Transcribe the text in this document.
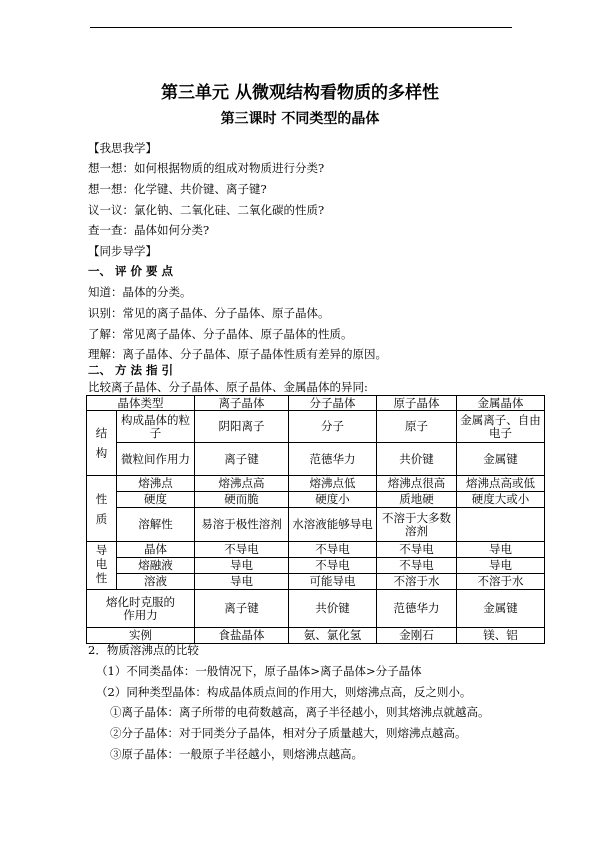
第三单元 从微观结构看物质的多样性
第三课时 不同类型的晶体
【我思我学】
想一想：如何根据物质的组成对物质进行分类?
想一想：化学键、共价键、离子键?
议一议：氯化钠、二氧化硅、二氧化碳的性质?
查一查：晶体如何分类?
【同步导学】
一、 评 价 要 点
知道：晶体的分类。
识别：常见的离子晶体、分子晶体、原子晶体。
了解：常见离子晶体、分子晶体、原子晶体的性质。
理解：离子晶体、分子晶体、原子晶体性质有差异的原因。
二、 方 法 指 引
比较离子晶体、分子晶体、原子晶体、金属晶体的异同:
晶体类型		离子晶体	分子晶体	原子晶体	金属晶体
结构	构成晶体的粒子	阴阳离子	分子	原子	金属离子、自由电子
	微粒间作用力	离子键	范德华力	共价键	金属键
性质	熔沸点	熔沸点高	熔沸点低	熔沸点很高	熔沸点高或低
	硬度	硬而脆	硬度小	质地硬	硬度大或小
	溶解性	易溶于极性溶剂	水溶液能够导电	不溶于大多数溶剂	
导电性	晶体	不导电	不导电	不导电	导电
	熔融液	导电	不导电	不导电	导电
	溶液	导电	可能导电	不溶于水	不溶于水
熔化时克服的作用力		离子键	共价键	范德华力	金属键
实例		食盐晶体	氨、氯化氢	金刚石	镁、铝
2．物质溶沸点的比较
（1）不同类晶体：一般情况下，原子晶体>离子晶体>分子晶体
（2）同种类型晶体：构成晶体质点间的作用大，则熔沸点高，反之则小。
①离子晶体：离子所带的电荷数越高，离子半径越小，则其熔沸点就越高。
②分子晶体：对于同类分子晶体，相对分子质量越大，则熔沸点越高。
③原子晶体：一般原子半径越小，则熔沸点越高。
